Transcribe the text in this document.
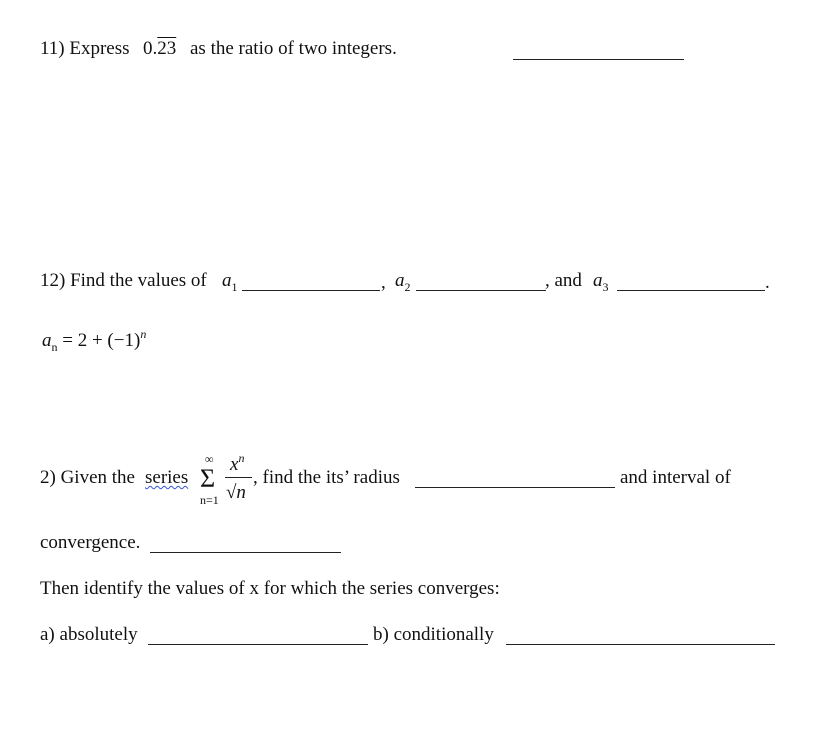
11) Express 0.23 as the ratio of two integers.
12) Find the values of $a_1$	, $a_2$	, and $a_3$	.
$a_n = 2 + (-1)^n$
2) Given the series
∞
Σ
n=1
$x^n$
√n
, find the its’ radius	and interval of
convergence.
Then identify the values of x for which the series converges:
a) absolutely	b) conditionally
